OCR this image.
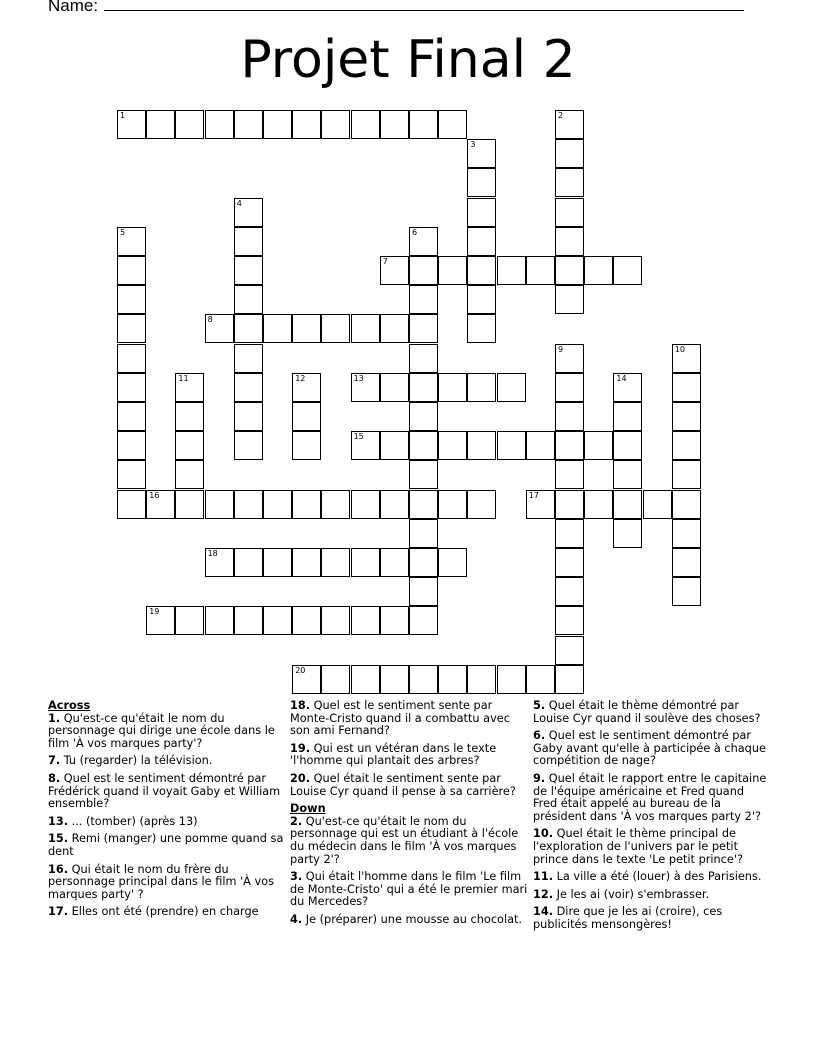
Name:
Projet Final 2
1	2
3
4
5	6
7
8
9	10
11	12	13	14
15
16	17
18
19
20
Across
1. Qu'est-ce qu'était le nom du personnage qui dirige une école dans le film 'À vos marques party'?
7. Tu (regarder) la télévision.
8. Quel est le sentiment démontré par Frédérick quand il voyait Gaby et William ensemble?
13. ... (tomber) (après 13)
15. Remi (manger) une pomme quand sa dent
16. Qui était le nom du frère du personnage principal dans le film 'À vos marques party' ?
17. Elles ont été (prendre) en charge
18. Quel est le sentiment sente par Monte-Cristo quand il a combattu avec son ami Fernand?
19. Qui est un vétéran dans le texte 'l'homme qui plantait des arbres?
20. Quel était le sentiment sente par Louise Cyr quand il pense à sa carrière?
Down
2. Qu'est-ce qu'était le nom du personnage qui est un étudiant à l'école du médecin dans le film 'À vos marques party 2'?
3. Qui était l'homme dans le film 'Le film de Monte-Cristo' qui a été le premier mari du Mercedes?
4. Je (préparer) une mousse au chocolat.
5. Quel était le thème démontré par Louise Cyr quand il soulève des choses?
6. Quel est le sentiment démontré par Gaby avant qu'elle à participée à chaque compétition de nage?
9. Quel était le rapport entre le capitaine de l'équipe américaine et Fred quand Fred était appelé au bureau de la président dans 'À vos marques party 2'?
10. Quel était le thème principal de l'exploration de l'univers par le petit prince dans le texte 'Le petit prince'?
11. La ville a été (louer) à des Parisiens.
12. Je les ai (voir) s'embrasser.
14. Dire que je les ai (croire), ces publicités mensongères!
